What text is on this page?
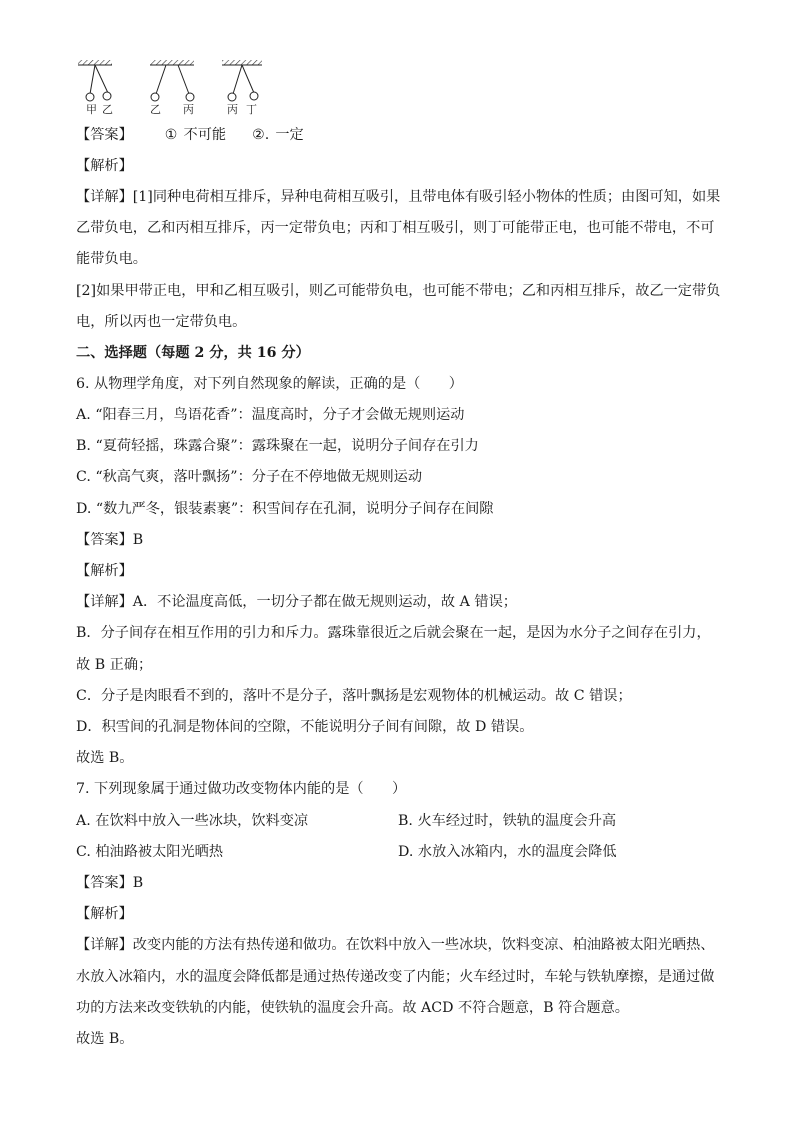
甲 乙	乙 丙	丙 丁
【答案】 ① 不可能 ②. 一定
【解析】
【详解】[1]同种电荷相互排斥，异种电荷相互吸引，且带电体有吸引轻小物体的性质；由图可知，如果
乙带负电，乙和丙相互排斥，丙一定带负电；丙和丁相互吸引，则丁可能带正电，也可能不带电，不可
能带负电。
[2]如果甲带正电，甲和乙相互吸引，则乙可能带负电，也可能不带电；乙和丙相互排斥，故乙一定带负
电，所以丙也一定带负电。
二、选择题（每题 2 分，共 16 分）
6. 从物理学角度，对下列自然现象的解读，正确的是（　　）
A. “阳春三月，鸟语花香”：温度高时，分子才会做无规则运动
B. “夏荷轻摇，珠露合聚”：露珠聚在一起，说明分子间存在引力
C. “秋高气爽，落叶飘扬”：分子在不停地做无规则运动
D. “数九严冬，银装素裹”：积雪间存在孔洞，说明分子间存在间隙
【答案】B
【解析】
【详解】A．不论温度高低，一切分子都在做无规则运动，故 A 错误；
B．分子间存在相互作用的引力和斥力。露珠靠很近之后就会聚在一起，是因为水分子之间存在引力，
故 B 正确；
C．分子是肉眼看不到的，落叶不是分子，落叶飘扬是宏观物体的机械运动。故 C 错误；
D．积雪间的孔洞是物体间的空隙，不能说明分子间有间隙，故 D 错误。
故选 B。
7. 下列现象属于通过做功改变物体内能的是（　　）
A. 在饮料中放入一些冰块，饮料变凉	B. 火车经过时，铁轨的温度会升高
C. 柏油路被太阳光晒热	D. 水放入冰箱内，水的温度会降低
【答案】B
【解析】
【详解】改变内能的方法有热传递和做功。在饮料中放入一些冰块，饮料变凉、柏油路被太阳光晒热、
水放入冰箱内，水的温度会降低都是通过热传递改变了内能；火车经过时，车轮与铁轨摩擦，是通过做
功的方法来改变铁轨的内能，使铁轨的温度会升高。故 ACD 不符合题意，B 符合题意。
故选 B。
